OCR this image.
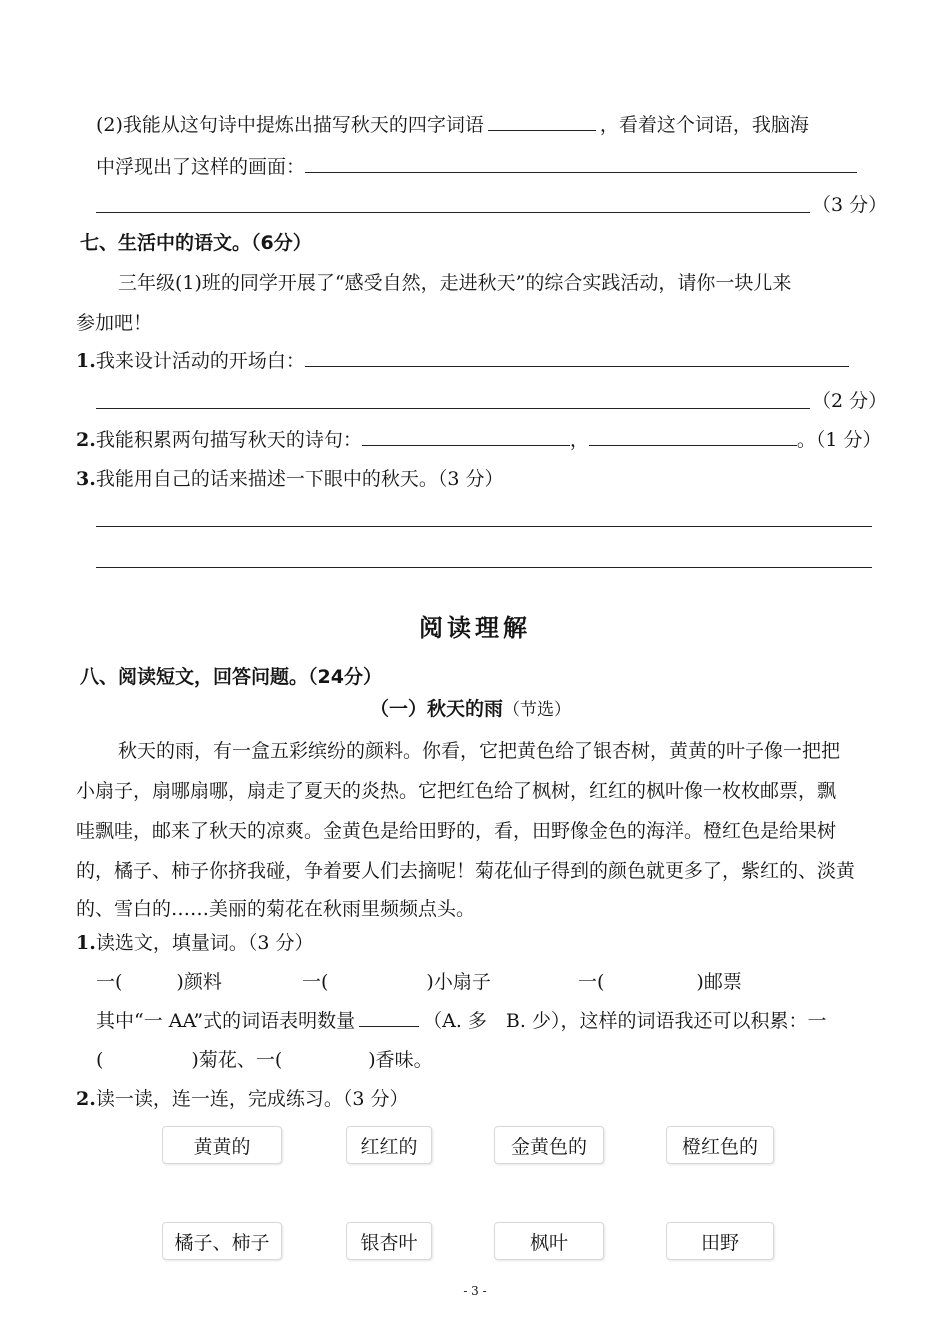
(2)我能从这句诗中提炼出描写秋天的四字词语	，看着这个词语，我脑海
中浮现出了这样的画面：
（3 分）
七、生活中的语文。（6分）
三年级(1)班的同学开展了“感受自然，走进秋天”的综合实践活动，请你一块儿来
参加吧！
1.我来设计活动的开场白：
（2 分）
2.我能积累两句描写秋天的诗句：	，	。（1 分）
3.我能用自己的话来描述一下眼中的秋天。（3 分）
阅读理解
八、阅读短文，回答问题。（24分）
（一）秋天的雨（节选）
秋天的雨，有一盒五彩缤纷的颜料。你看，它把黄色给了银杏树，黄黄的叶子像一把把
小扇子，扇哪扇哪，扇走了夏天的炎热。它把红色给了枫树，红红的枫叶像一枚枚邮票，飘
哇飘哇，邮来了秋天的凉爽。金黄色是给田野的，看，田野像金色的海洋。橙红色是给果树
的，橘子、柿子你挤我碰，争着要人们去摘呢！菊花仙子得到的颜色就更多了，紫红的、淡黄
的、雪白的……美丽的菊花在秋雨里频频点头。
1.读选文，填量词。（3 分）
一(	)颜料	一(	)小扇子	一(	)邮票
其中“一 AA”式的词语表明数量	（A. 多　B. 少），这样的词语我还可以积累：一
(	)菊花、一(	)香味。
2.读一读，连一连，完成练习。（3 分）
黄黄的	红红的	金黄色的	橙红色的
橘子、柿子	银杏叶	枫叶	田野
- 3 -
